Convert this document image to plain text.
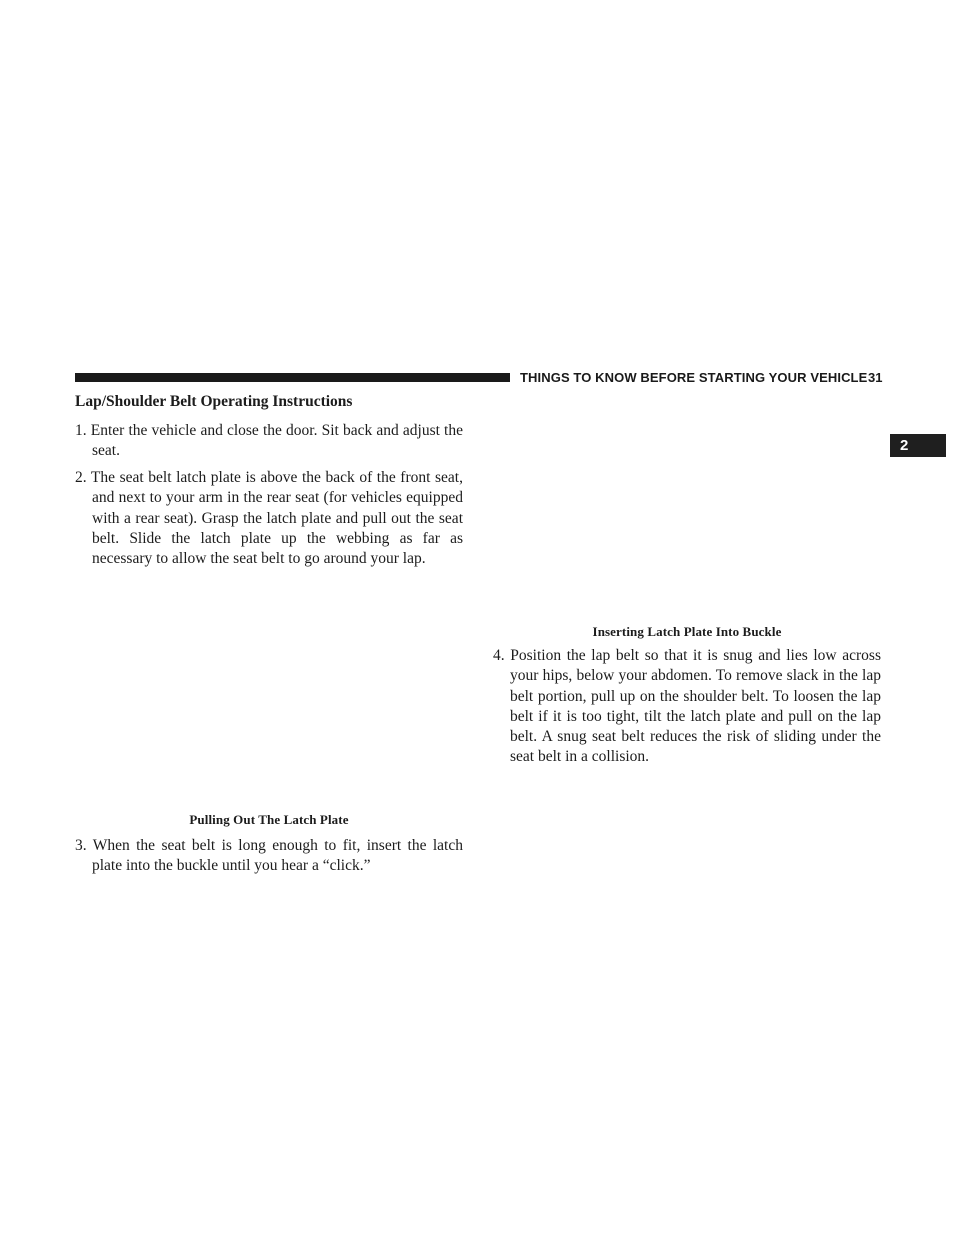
THINGS TO KNOW BEFORE STARTING YOUR VEHICLE 31
2
Lap/Shoulder Belt Operating Instructions
1. Enter the vehicle and close the door. Sit back and adjust the seat.
2. The seat belt latch plate is above the back of the front seat, and next to your arm in the rear seat (for vehicles equipped with a rear seat). Grasp the latch plate and pull out the seat belt. Slide the latch plate up the webbing as far as necessary to allow the seat belt to go around your lap.
Pulling Out The Latch Plate
3. When the seat belt is long enough to fit, insert the latch plate into the buckle until you hear a “click.”
Inserting Latch Plate Into Buckle
4. Position the lap belt so that it is snug and lies low across your hips, below your abdomen. To remove slack in the lap belt portion, pull up on the shoulder belt. To loosen the lap belt if it is too tight, tilt the latch plate and pull on the lap belt. A snug seat belt reduces the risk of sliding under the seat belt in a collision.
